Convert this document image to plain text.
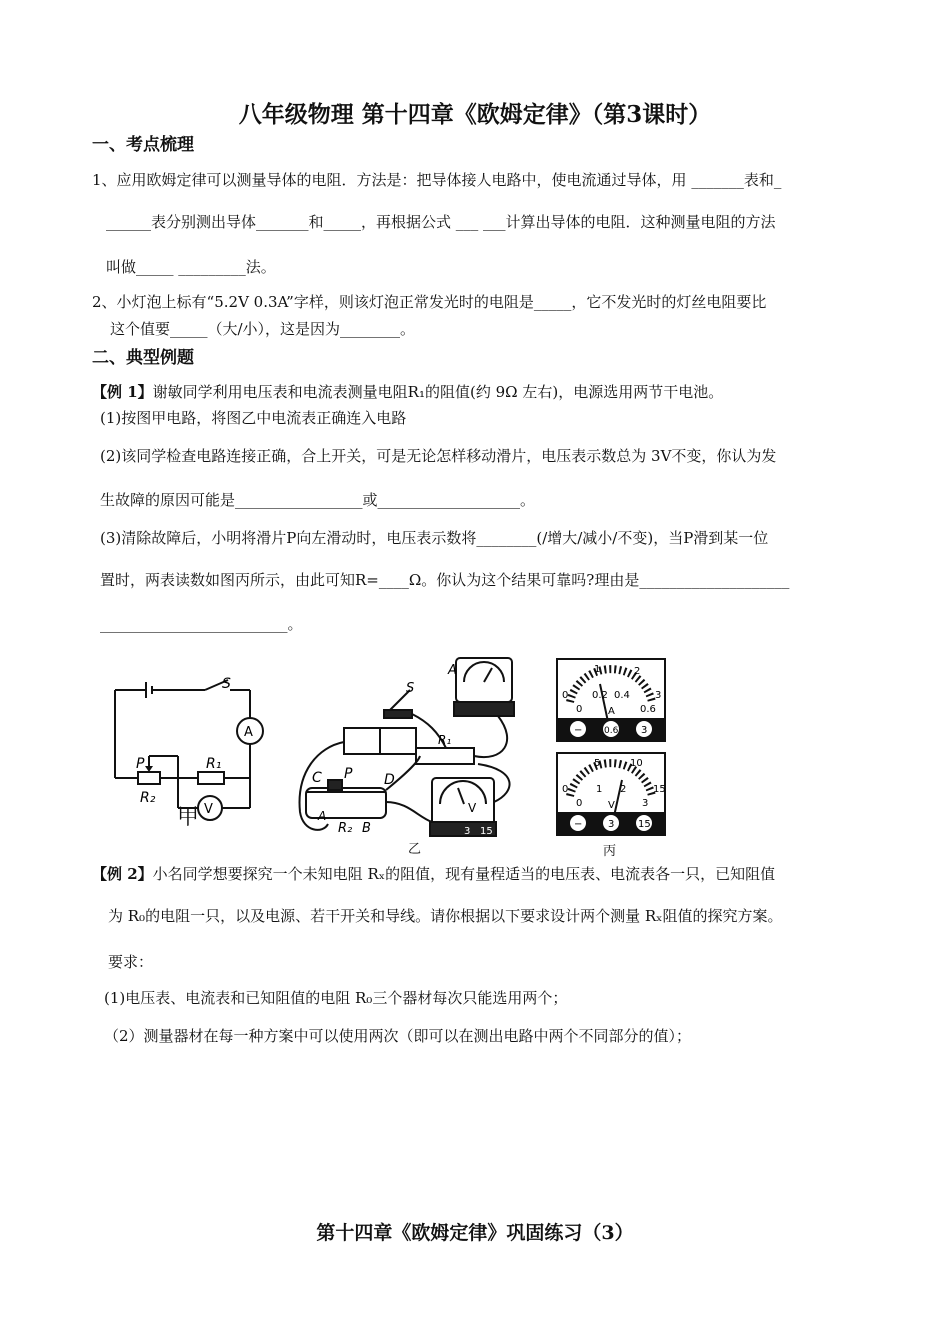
八年级物理 第十四章《欧姆定律》（第3课时）
一、考点梳理
1、应用欧姆定律可以测量导体的电阻．方法是：把导体接人电路中，使电流通过导体，用 _______表和_
______表分别测出导体_______和_____，再根据公式 ___ ___计算出导体的电阻．这种测量电阻的方法
叫做_____ _________法。
2、小灯泡上标有“5.2V 0.3A”字样，则该灯泡正常发光时的电阻是_____，它不发光时的灯丝电阻要比
这个值要_____（大/小），这是因为________。
二、典型例题
【例 1】谢敏同学利用电压表和电流表测量电阻R₁的阻值(约 9Ω 左右)，电源选用两节干电池。
(1)按图甲电路，将图乙中电流表正确连入电路
(2)该同学检查电路连接正确，合上开关，可是无论怎样移动滑片，电压表示数总为 3V不变，你认为发
生故障的原因可能是_________________或___________________。
(3)清除故障后，小明将滑片P向左滑动时，电压表示数将________(/增大/减小/不变)，当P滑到某一位
置时，两表读数如图丙所示，由此可知R=____Ω。你认为这个结果可靠吗?理由是____________________
_________________________。
S
A
P	R₁
R₂
V
甲
A
S
R₁
C P D
A
R₂ B
V
3 15
乙
0
1	2
3
0
0.2 0.4
0.6
A
− 0.6 3
0
5	10
15
0
1 2
3
V
−	3 15
丙
【例 2】小名同学想要探究一个未知电阻 Rₓ的阻值，现有量程适当的电压表、电流表各一只，已知阻值
为 R₀的电阻一只，以及电源、若干开关和导线。请你根据以下要求设计两个测量 Rₓ阻值的探究方案。
要求：
(1)电压表、电流表和已知阻值的电阻 R₀三个器材每次只能选用两个；
（2）测量器材在每一种方案中可以使用两次（即可以在测出电路中两个不同部分的值）；
第十四章《欧姆定律》巩固练习（3）
